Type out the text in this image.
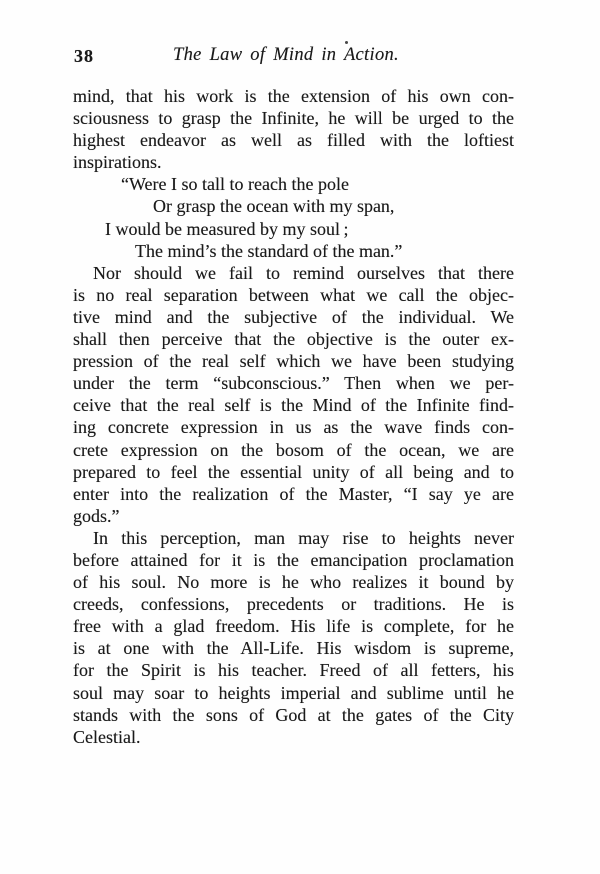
38	The Law of Mind in Action.
mind, that his work is the extension of his own con-
sciousness to grasp the Infinite, he will be urged to the
highest endeavor as well as filled with the loftiest
inspirations.
“Were I so tall to reach the pole
Or grasp the ocean with my span,
I would be measured by my soul ;
The mind’s the standard of the man.”
Nor should we fail to remind ourselves that there
is no real separation between what we call the objec-
tive mind and the subjective of the individual. We
shall then perceive that the objective is the outer ex-
pression of the real self which we have been studying
under the term “subconscious.” Then when we per-
ceive that the real self is the Mind of the Infinite find-
ing concrete expression in us as the wave finds con-
crete expression on the bosom of the ocean, we are
prepared to feel the essential unity of all being and to
enter into the realization of the Master, “I say ye are
gods.”
In this perception, man may rise to heights never
before attained for it is the emancipation proclamation
of his soul. No more is he who realizes it bound by
creeds, confessions, precedents or traditions. He is
free with a glad freedom. His life is complete, for he
is at one with the All-Life. His wisdom is supreme,
for the Spirit is his teacher. Freed of all fetters, his
soul may soar to heights imperial and sublime until he
stands with the sons of God at the gates of the City
Celestial.
